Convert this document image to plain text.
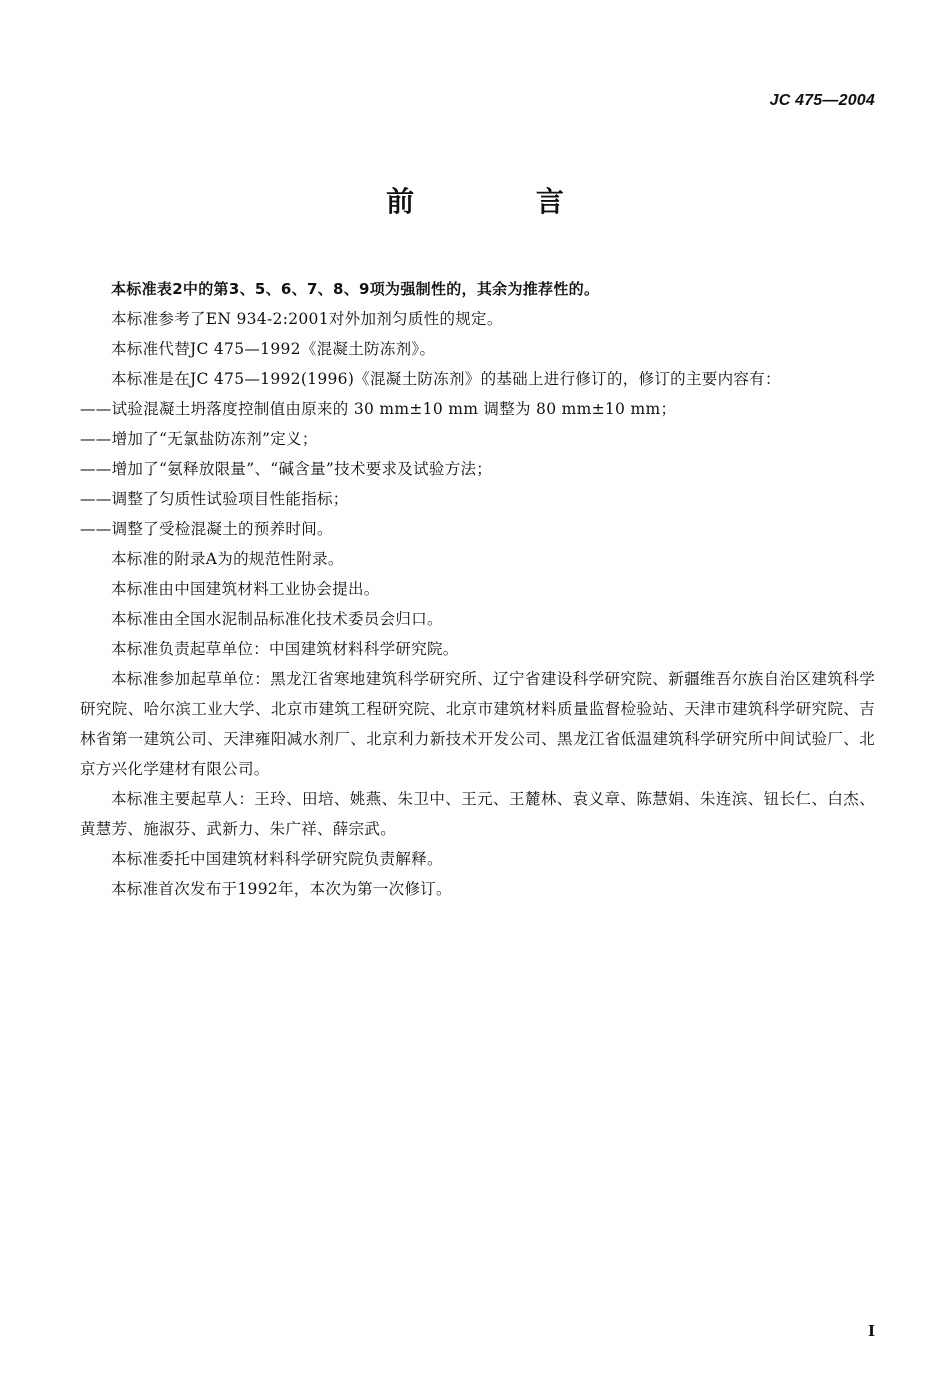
JC 475—2004
前 言

本标准表2中的第3、5、6、7、8、9项为强制性的，其余为推荐性的。

本标准参考了EN 934-2:2001对外加剂匀质性的规定。

本标准代替JC 475—1992《混凝土防冻剂》。

本标准是在JC 475—1992(1996)《混凝土防冻剂》的基础上进行修订的，修订的主要内容有：

——试验混凝土坍落度控制值由原来的 30 mm±10 mm 调整为 80 mm±10 mm；

——增加了“无氯盐防冻剂”定义；

——增加了“氨释放限量”、“碱含量”技术要求及试验方法；

——调整了匀质性试验项目性能指标；

——调整了受检混凝土的预养时间。

本标准的附录A为的规范性附录。

本标准由中国建筑材料工业协会提出。

本标准由全国水泥制品标准化技术委员会归口。

本标准负责起草单位：中国建筑材料科学研究院。

本标准参加起草单位：黑龙江省寒地建筑科学研究所、辽宁省建设科学研究院、新疆维吾尔族自治区建筑科学研究院、哈尔滨工业大学、北京市建筑工程研究院、北京市建筑材料质量监督检验站、天津市建筑科学研究院、吉林省第一建筑公司、天津雍阳减水剂厂、北京利力新技术开发公司、黑龙江省低温建筑科学研究所中间试验厂、北京方兴化学建材有限公司。

本标准主要起草人：王玲、田培、姚燕、朱卫中、王元、王麓林、袁义章、陈慧娟、朱连滨、钮长仁、白杰、黄慧芳、施淑芬、武新力、朱广祥、薛宗武。

本标准委托中国建筑材料科学研究院负责解释。

本标准首次发布于1992年，本次为第一次修订。

I
